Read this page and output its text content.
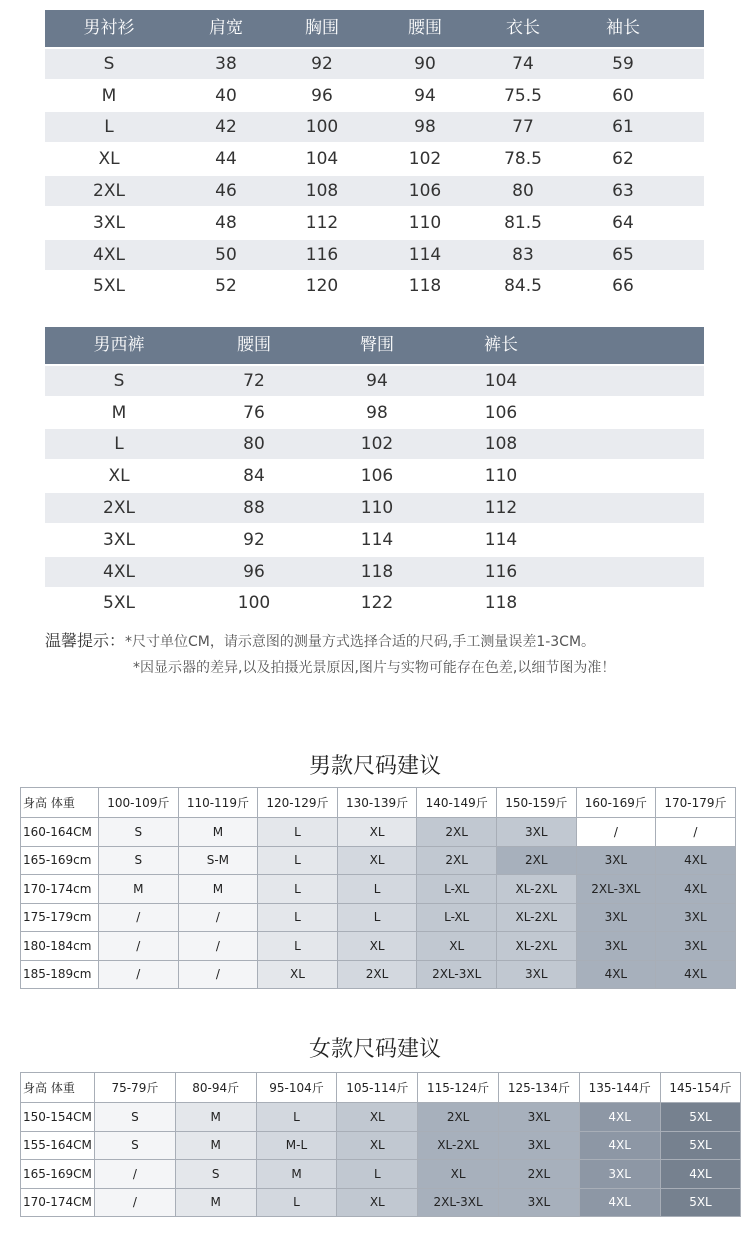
男衬衫	肩宽	胸围	腰围	衣长	袖长
S	38	92	90	74	59
M	40	96	94	75.5	60
L	42	100	98	77	61
XL	44	104	102	78.5	62
2XL	46	108	106	80	63
3XL	48	112	110	81.5	64
4XL	50	116	114	83	65
5XL	52	120	118	84.5	66
男西裤	腰围	臀围	裤长
S	72	94	104
M	76	98	106
L	80	102	108
XL	84	106	110
2XL	88	110	112
3XL	92	114	114
4XL	96	118	116
5XL	100	122	118
温馨提示： *尺寸单位CM，请示意图的测量方式选择合适的尺码,手工测量误差1-3CM。
*因显示器的差异,以及拍摄光景原因,图片与实物可能存在色差,以细节图为准！
男款尺码建议
身高 体重	100-109斤	110-119斤	120-129斤	130-139斤	140-149斤	150-159斤	160-169斤	170-179斤
160-164CM	S	M	L	XL	2XL	3XL	/	/
165-169cm	S	S-M	L	XL	2XL	2XL	3XL	4XL
170-174cm	M	M	L	L	L-XL	XL-2XL	2XL-3XL	4XL
175-179cm	/	/	L	L	L-XL	XL-2XL	3XL	3XL
180-184cm	/	/	L	XL	XL	XL-2XL	3XL	3XL
185-189cm	/	/	XL	2XL	2XL-3XL	3XL	4XL	4XL
女款尺码建议
身高 体重	75-79斤	80-94斤	95-104斤	105-114斤	115-124斤	125-134斤	135-144斤	145-154斤
150-154CM	S	M	L	XL	2XL	3XL	4XL	5XL
155-164CM	S	M	M-L	XL	XL-2XL	3XL	4XL	5XL
165-169CM	/	S	M	L	XL	2XL	3XL	4XL
170-174CM	/	M	L	XL	2XL-3XL	3XL	4XL	5XL
